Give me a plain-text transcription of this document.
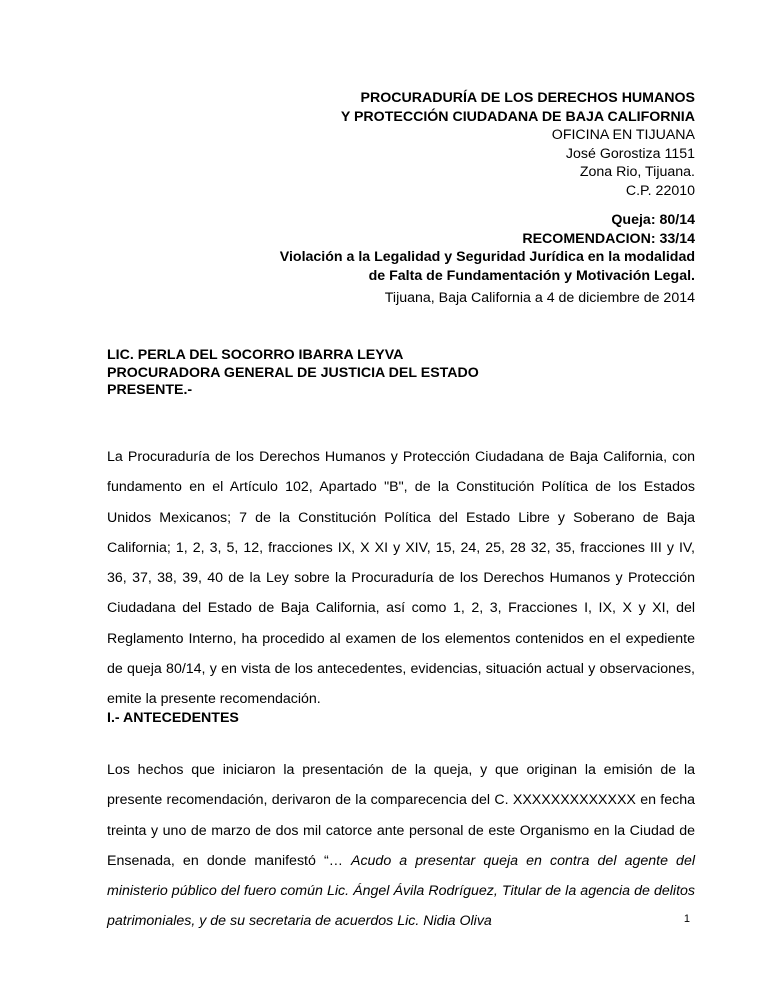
PROCURADURÍA DE LOS DERECHOS HUMANOS
Y PROTECCIÓN CIUDADANA DE BAJA CALIFORNIA
OFICINA EN TIJUANA
José Gorostiza 1151
Zona Rio, Tijuana.
C.P. 22010
Queja: 80/14
RECOMENDACION: 33/14
Violación a la Legalidad y Seguridad Jurídica en la modalidad
de Falta de Fundamentación y Motivación Legal.
Tijuana, Baja California a 4 de diciembre de 2014
LIC. PERLA DEL SOCORRO IBARRA LEYVA
PROCURADORA GENERAL DE JUSTICIA DEL ESTADO
PRESENTE.-
La Procuraduría de los Derechos Humanos y Protección Ciudadana de Baja California, con fundamento en el Artículo 102, Apartado "B", de la Constitución Política de los Estados Unidos Mexicanos; 7 de la Constitución Política del Estado Libre y Soberano de Baja California; 1, 2, 3, 5, 12, fracciones IX, X XI y XIV, 15, 24, 25, 28 32, 35, fracciones III y IV, 36, 37, 38, 39, 40 de la Ley sobre la Procuraduría de los Derechos Humanos y Protección Ciudadana del Estado de Baja California, así como 1, 2, 3, Fracciones I, IX, X y XI, del Reglamento Interno, ha procedido al examen de los elementos contenidos en el expediente de queja 80/14, y en vista de los antecedentes, evidencias, situación actual y observaciones, emite la presente recomendación.
I.- ANTECEDENTES
Los hechos que iniciaron la presentación de la queja, y que originan la emisión de la presente recomendación, derivaron de la comparecencia del C. XXXXXXXXXXXXX en fecha treinta y uno de marzo de dos mil catorce ante personal de este Organismo en la Ciudad de Ensenada, en donde manifestó “… Acudo a presentar queja en contra del agente del ministerio público del fuero común Lic. Ángel Ávila Rodríguez, Titular de la agencia de delitos patrimoniales, y de su secretaria de acuerdos Lic. Nidia Oliva	1
